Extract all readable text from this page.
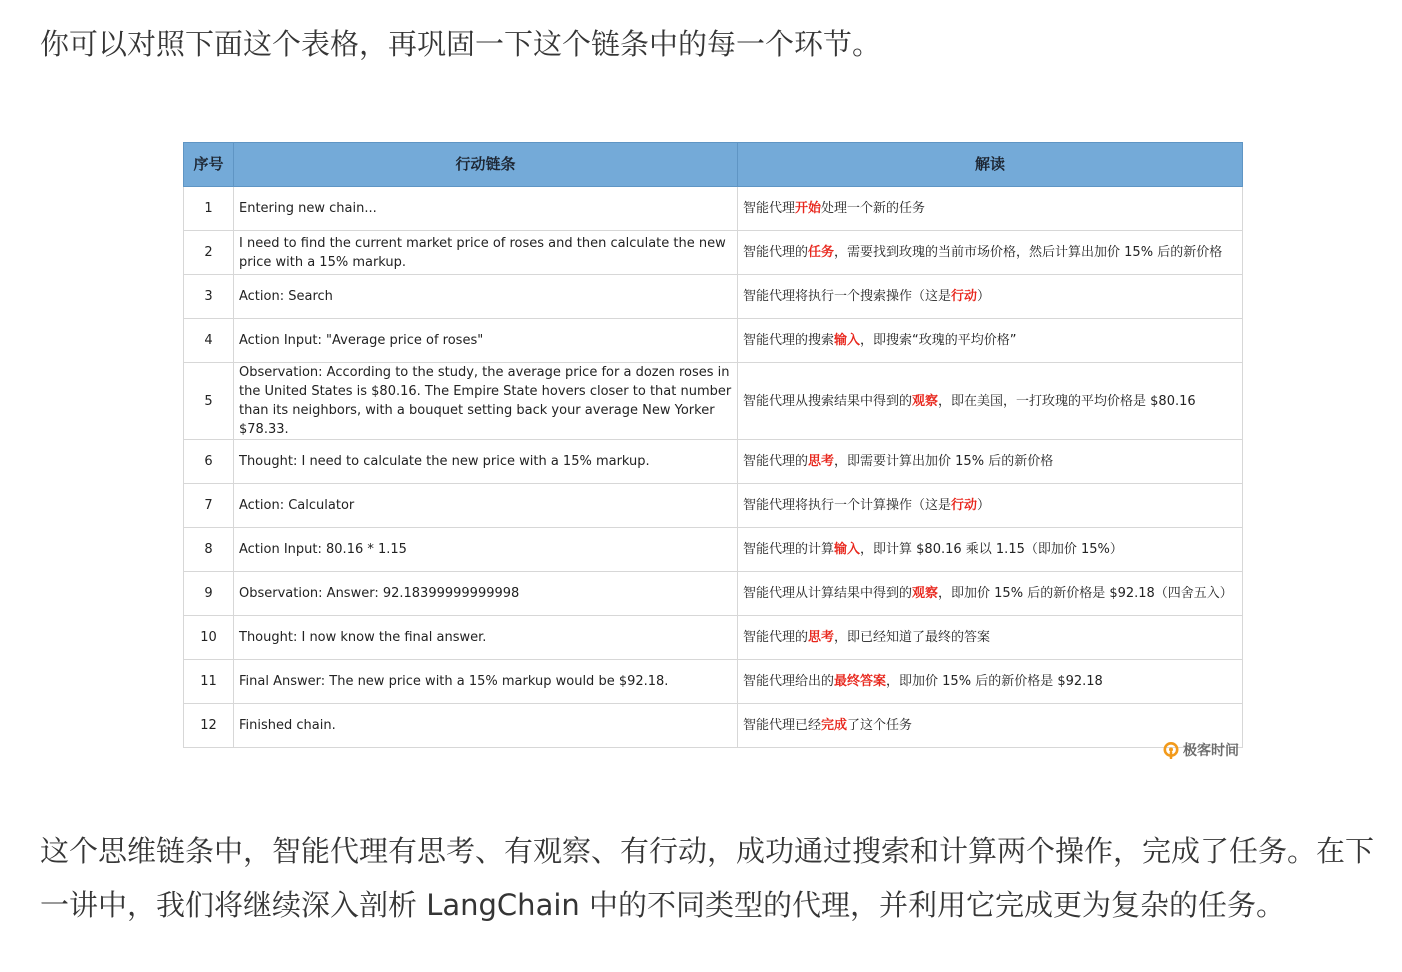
你可以对照下面这个表格，再巩固一下这个链条中的每一个环节。

序号	行动链条	解读
1	Entering new chain...	智能代理开始处理一个新的任务
2	I need to find the current market price of roses and then calculate the new price with a 15% markup.	智能代理的任务，需要找到玫瑰的当前市场价格，然后计算出加价 15% 后的新价格
3	Action: Search	智能代理将执行一个搜索操作（这是行动）
4	Action Input: "Average price of roses"	智能代理的搜索输入，即搜索“玫瑰的平均价格”
5	Observation: According to the study, the average price for a dozen roses in the United States is $80.16. The Empire State hovers closer to that number than its neighbors, with a bouquet setting back your average New Yorker $78.33.	智能代理从搜索结果中得到的观察，即在美国，一打玫瑰的平均价格是 $80.16
6	Thought: I need to calculate the new price with a 15% markup.	智能代理的思考，即需要计算出加价 15% 后的新价格
7	Action: Calculator	智能代理将执行一个计算操作（这是行动）
8	Action Input: 80.16 * 1.15	智能代理的计算输入，即计算 $80.16 乘以 1.15（即加价 15%）
9	Observation: Answer: 92.18399999999998	智能代理从计算结果中得到的观察，即加价 15% 后的新价格是 $92.18（四舍五入）
10	Thought: I now know the final answer.	智能代理的思考，即已经知道了最终的答案
11	Final Answer: The new price with a 15% markup would be $92.18.	智能代理给出的最终答案，即加价 15% 后的新价格是 $92.18
12	Finished chain.	智能代理已经完成了这个任务
极客时间

这个思维链条中，智能代理有思考、有观察、有行动，成功通过搜索和计算两个操作，完成了任务。在下一讲中，我们将继续深入剖析 LangChain 中的不同类型的代理，并利用它完成更为复杂的任务。
